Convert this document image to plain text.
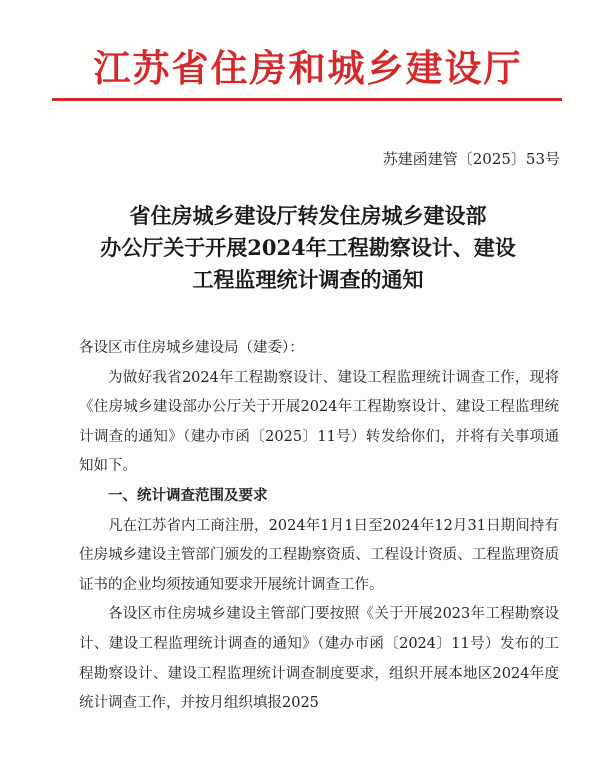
江苏省住房和城乡建设厅
苏建函建管〔2025〕53号
省住房城乡建设厅转发住房城乡建设部
办公厅关于开展2024年工程勘察设计、建设
工程监理统计调查的通知

各设区市住房城乡建设局（建委）：

为做好我省2024年工程勘察设计、建设工程监理统计调查工作，现将《住房城乡建设部办公厅关于开展2024年工程勘察设计、建设工程监理统计调查的通知》（建办市函〔2025〕11号）转发给你们，并将有关事项通知如下。

一、统计调查范围及要求

凡在江苏省内工商注册，2024年1月1日至2024年12月31日期间持有住房城乡建设主管部门颁发的工程勘察资质、工程设计资质、工程监理资质证书的企业均须按通知要求开展统计调查工作。

各设区市住房城乡建设主管部门要按照《关于开展2023年工程勘察设计、建设工程监理统计调查的通知》（建办市函〔2024〕11号）发布的工程勘察设计、建设工程监理统计调查制度要求，组织开展本地区2024年度统计调查工作，并按月组织填报2025
